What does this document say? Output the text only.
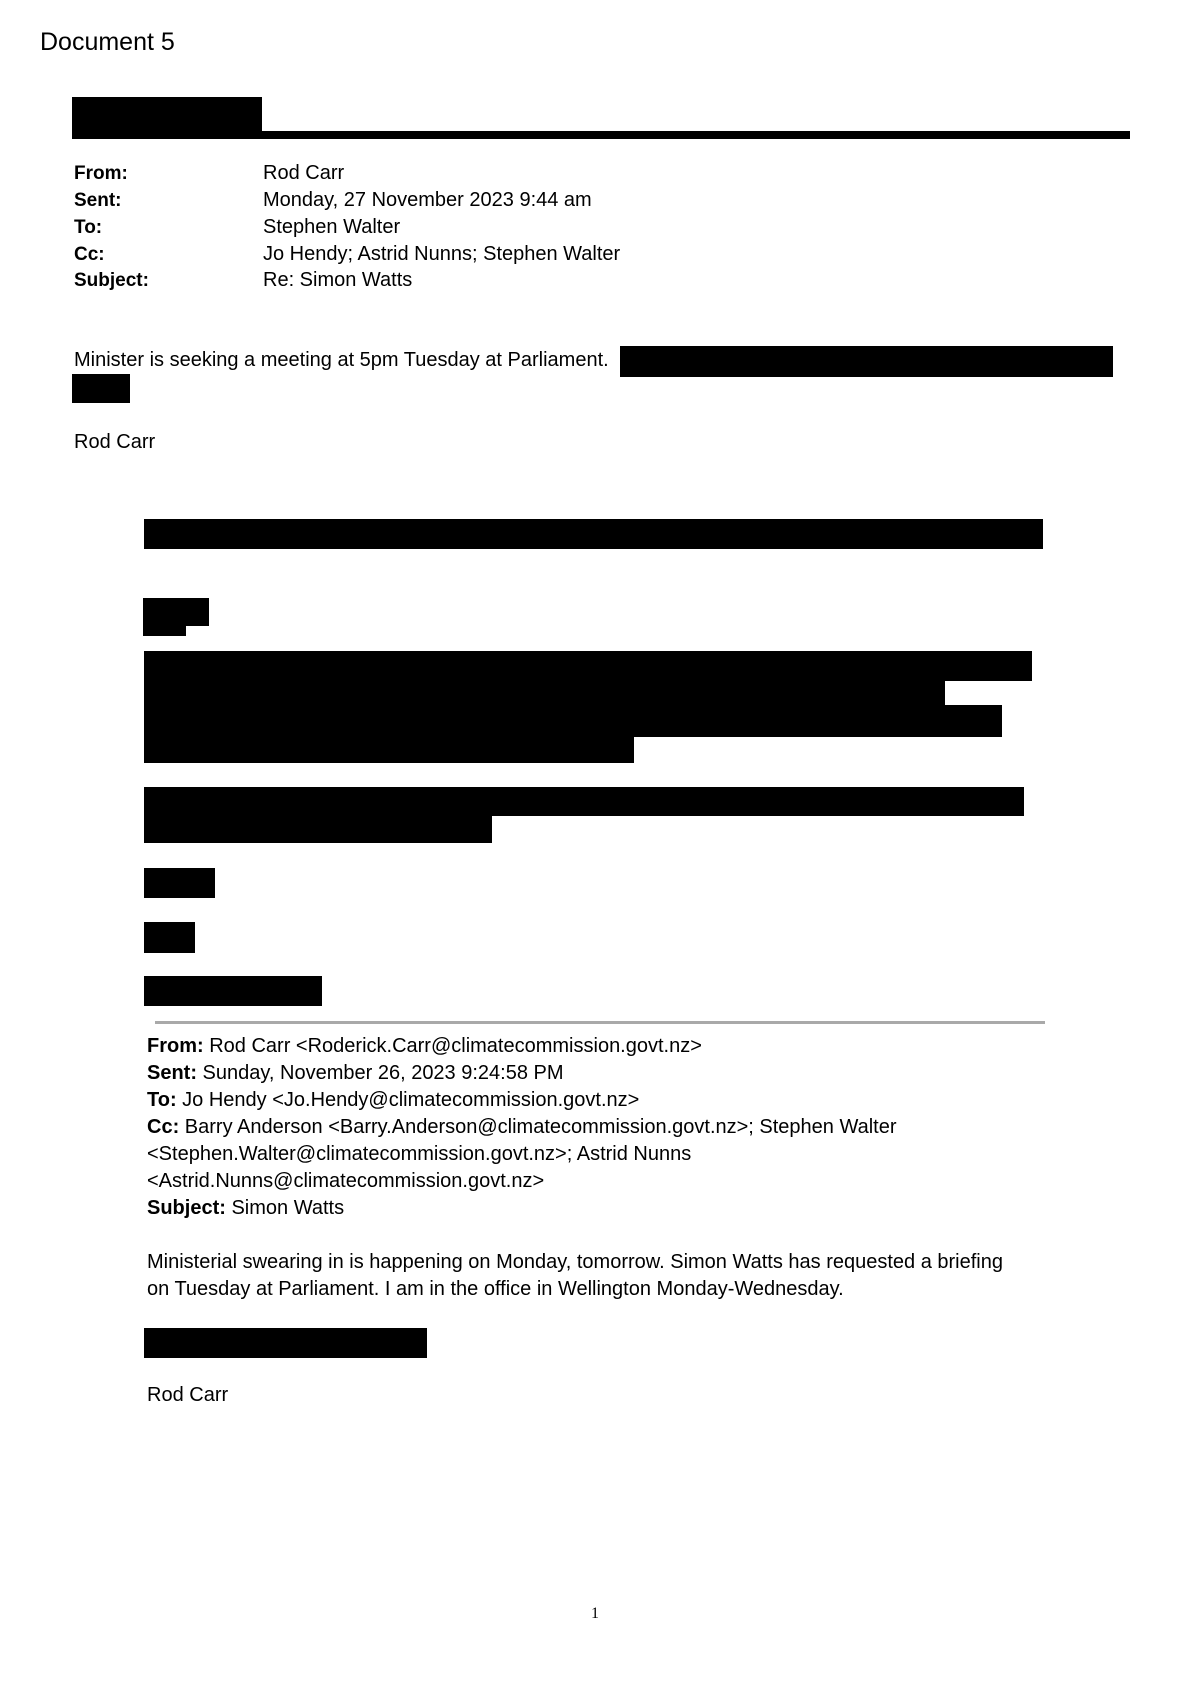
Document 5
From:	Rod Carr
Sent:	Monday, 27 November 2023 9:44 am
To:	Stephen Walter
Cc:	Jo Hendy; Astrid Nunns; Stephen Walter
Subject:	Re: Simon Watts
Minister is seeking a meeting at 5pm Tuesday at Parliament.
Rod Carr
From: Rod Carr <Roderick.Carr@climatecommission.govt.nz>
Sent: Sunday, November 26, 2023 9:24:58 PM
To: Jo Hendy <Jo.Hendy@climatecommission.govt.nz>
Cc: Barry Anderson <Barry.Anderson@climatecommission.govt.nz>; Stephen Walter
<Stephen.Walter@climatecommission.govt.nz>; Astrid Nunns
<Astrid.Nunns@climatecommission.govt.nz>
Subject: Simon Watts
Ministerial swearing in is happening on Monday, tomorrow. Simon Watts has requested a briefing
on Tuesday at Parliament. I am in the office in Wellington Monday-Wednesday.
Rod Carr
1
